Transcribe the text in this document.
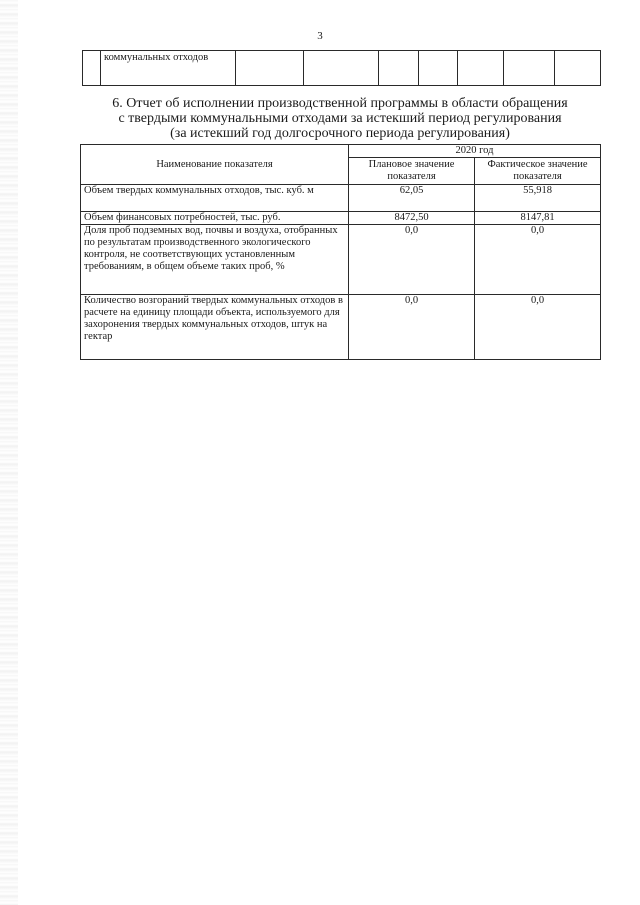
3
	коммунальных отходов							
6. Отчет об исполнении производственной программы в области обращения
с твердыми коммунальными отходами за истекший период регулирования
(за истекший год долгосрочного периода регулирования)
Наименование показателя	2020 год	
	Плановое значение показателя	Фактическое значение показателя
Объем твердых коммунальных отходов, тыс. куб. м	62,05	55,918
Объем финансовых потребностей, тыс. руб.	8472,50	8147,81
Доля проб подземных вод, почвы и воздуха, отобранных по результатам производственного экологического контроля, не соответствующих установленным требованиям, в общем объеме таких проб, %	0,0	0,0
Количество возгораний твердых коммунальных отходов в расчете на единицу площади объекта, используемого для захоронения твердых коммунальных отходов, штук на гектар	0,0	0,0
